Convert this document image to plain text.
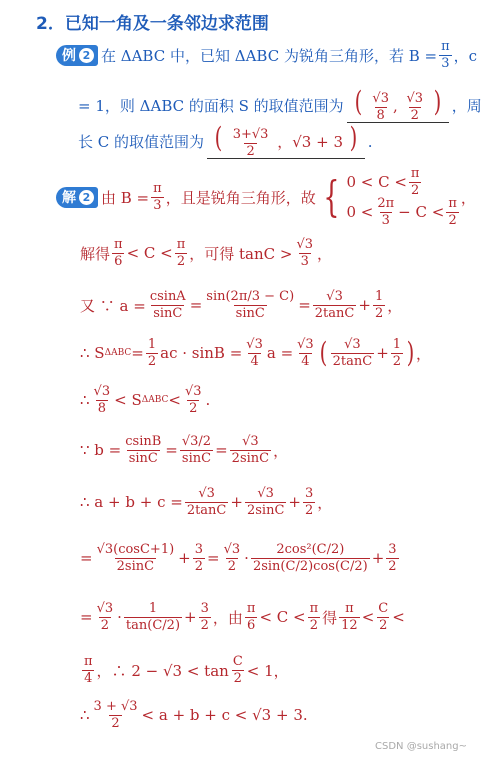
2．已知一角及一条邻边求范围
例 2 在 ΔABC 中，已知 ΔABC 为锐角三角形，若 $B = \frac{\pi}{3}$ ，c
= 1，则 ΔABC 的面积 S 的取值范围为 ( $\frac{√3}{8}$ , $\frac{√3}{2}$ ) ，周
长 C 的取值范围为 ( $\frac{3+√3}{2}$ ，√3 + 3 ) .
解 2 由 $B = \frac{\pi}{3}$ ，且是锐角三角形，故 { $0 < C < \frac{\pi}{2}$
$0 < \frac{2\pi}{3} - C < \frac{\pi}{2}$ ，
解得 $\frac{\pi}{6} < C < \frac{\pi}{2}$ ，可得 $\tan C > \frac{√3}{3}$ ，
又 ∵ $a = \frac{csinA}{\sin C} = \frac{\sin(2\pi/3 - C)}{\sin C} = \frac{√3}{2\tan C} + \frac{1}{2}$ ，
∴ S $\Delta ABC = \frac{1}{2}$ ac · $\sin B = \frac{√3}{4}$ $a = \frac{√3}{4}$ ( $\frac{√3}{2\tan C} + \frac{1}{2}$ ) ，
∴ $\frac{√3}{8} < S$ $\Delta ABC < \frac{√3}{2}$ .
∵ $b = \frac{csinB}{\sin C} = \frac{√3/2}{\sin C} = \frac{√3}{2\sin C}$ ，
∴ $a + b + c = \frac{√3}{2\tan C} + \frac{√3}{2\sin C} + \frac{3}{2}$ ，
= $\frac{√3(\cos C+1)}{2\sin C} + \frac{3}{2} = \frac{√3}{2} \cdot \frac{\text{2cos²(C/2)}}{2\sin(C/2)\cos(C/2)} + \frac{3}{2}$
= $\frac{√3}{2} \cdot \frac{1}{\tan(C/2)} + \frac{3}{2}$ ，由 $\frac{\pi}{6} < C < \frac{\pi}{2}$ 得 $\frac{\pi}{12} < \frac{C}{2}$ <
$\frac{\pi}{4}$ ，∴ $2 - √3 < \tan \frac{C}{2} < 1$，
∴ $\frac{3 + √3}{2} < a + b + c < √3 + 3$.
CSDN @sushang~
